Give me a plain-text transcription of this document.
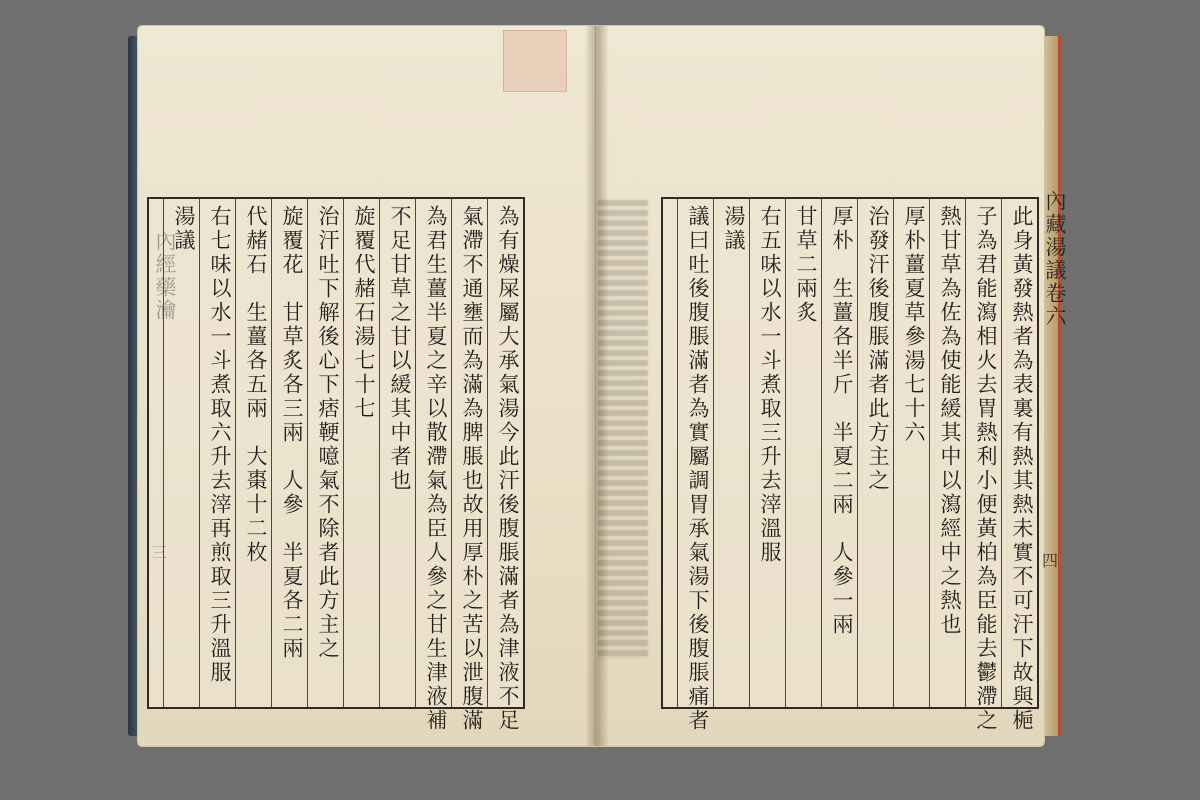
為有燥屎屬大承氣湯今此汗後腹脹滿者為津液不足
氣滯不通壅而為滿為脾脹也故用厚朴之苦以泄腹滿
為君生薑半夏之辛以散滯氣為臣人參之甘生津液補
不足甘草之甘以緩其中者也
旋覆代赭石湯七十七
治汗吐下解後心下痞鞕噫氣不除者此方主之
旋覆花　甘草炙各三兩　人參　半夏各二兩
代赭石　生薑各五兩　大棗十二枚
右七味以水一斗煮取六升去滓再煎取三升溫服
湯議	內藏湯議卷六
四
此身黃發熱者為表裏有熱其熱未實不可汗下故與梔
子為君能瀉相火去胃熱利小便黃柏為臣能去鬱滯之
熱甘草為佐為使能緩其中以瀉經中之熱也
厚朴薑夏草參湯七十六
治發汗後腹脹滿者此方主之
厚朴　生薑各半斤　半夏二兩　人參一兩
甘草二兩炙
右五味以水一斗煮取三升去滓溫服
湯議
議曰吐後腹脹滿者為實屬調胃承氣湯下後腹脹痛者
